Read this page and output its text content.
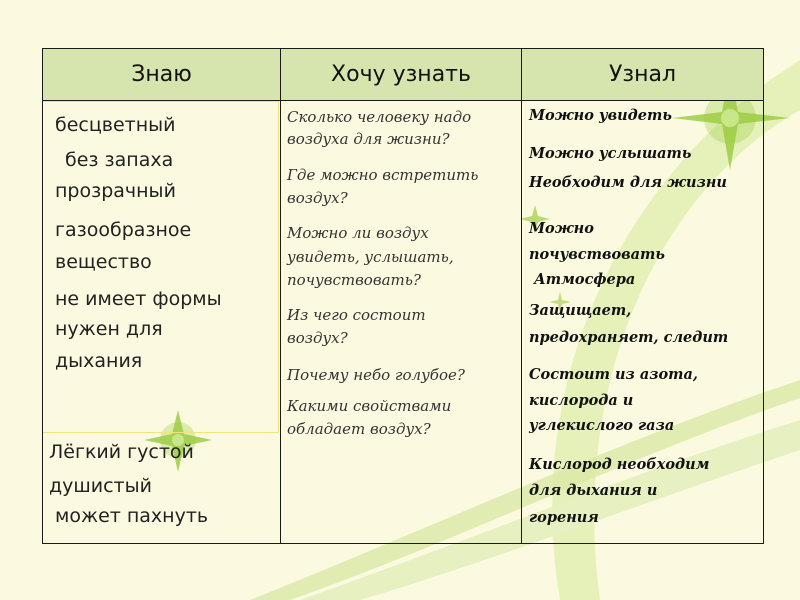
Знаю	Хочу узнать	Узнал
бесцветный
без запаха
прозрачный
газообразное
вещество
не имеет формы
нужен для
дыхания
Лёгкий густой
душистый
может пахнуть
Сколько человеку надо
воздуха для жизни?
Где можно встретить
воздух?
Можно ли воздух
увидеть, услышать,
почувствовать?
Из чего состоит
воздух?
Почему небо голубое?
Какими свойствами
обладает воздух?
Можно увидеть
Можно услышать
Необходим для жизни
Можно
почувствовать
Атмосфера
Защищает,
предохраняет, следит
Состоит из азота,
кислорода и
углекислого газа
Кислород необходим
для дыхания и
горения
